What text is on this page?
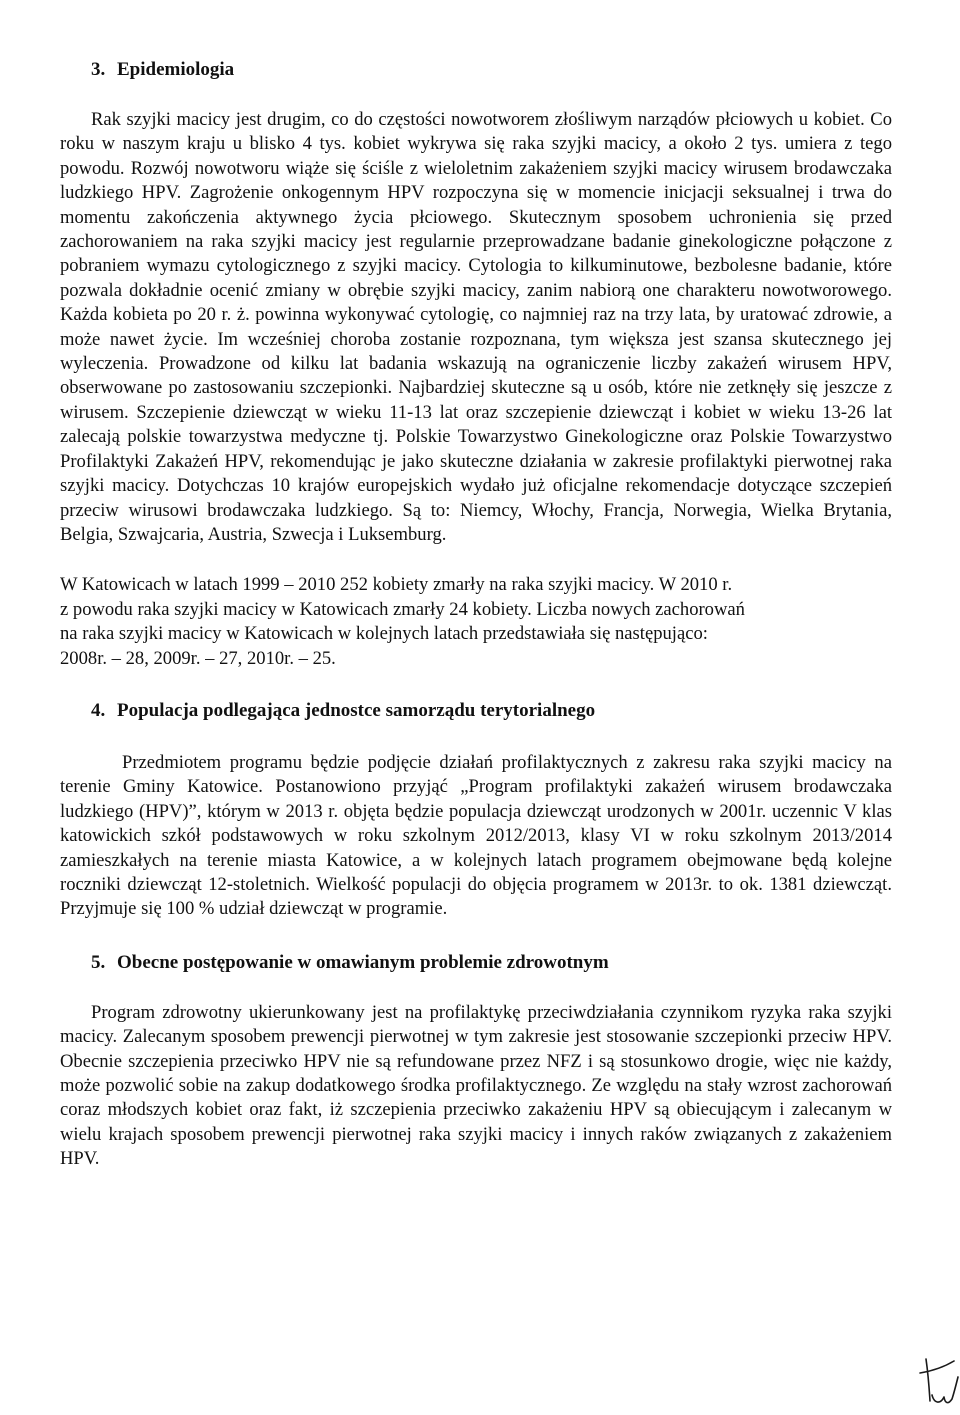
3. Epidemiologia

Rak szyjki macicy jest drugim, co do częstości nowotworem złośliwym narządów płciowych u kobiet. Co roku w naszym kraju u blisko 4 tys. kobiet wykrywa się raka szyjki macicy, a około 2 tys. umiera z tego powodu. Rozwój nowotworu wiąże się ściśle z wieloletnim zakażeniem szyjki macicy wirusem brodawczaka ludzkiego HPV. Zagrożenie onkogennym HPV rozpoczyna się w momencie inicjacji seksualnej i trwa do momentu zakończenia aktywnego życia płciowego. Skutecznym sposobem uchronienia się przed zachorowaniem na raka szyjki macicy jest regularnie przeprowadzane badanie ginekologiczne połączone z pobraniem wymazu cytologicznego z szyjki macicy. Cytologia to kilkuminutowe, bezbolesne badanie, które pozwala dokładnie ocenić zmiany w obrębie szyjki macicy, zanim nabiorą one charakteru nowotworowego. Każda kobieta po 20 r. ż. powinna wykonywać cytologię, co najmniej raz na trzy lata, by uratować zdrowie, a może nawet życie. Im wcześniej choroba zostanie rozpoznana, tym większa jest szansa skutecznego jej wyleczenia. Prowadzone od kilku lat badania wskazują na ograniczenie liczby zakażeń wirusem HPV, obserwowane po zastosowaniu szczepionki. Najbardziej skuteczne są u osób, które nie zetknęły się jeszcze z wirusem. Szczepienie dziewcząt w wieku 11-13 lat oraz szczepienie dziewcząt i kobiet w wieku 13-26 lat zalecają polskie towarzystwa medyczne tj. Polskie Towarzystwo Ginekologiczne oraz Polskie Towarzystwo Profilaktyki Zakażeń HPV, rekomendując je jako skuteczne działania w zakresie profilaktyki pierwotnej raka szyjki macicy. Dotychczas 10 krajów europejskich wydało już oficjalne rekomendacje dotyczące szczepień przeciw wirusowi brodawczaka ludzkiego. Są to: Niemcy, Włochy, Francja, Norwegia, Wielka Brytania, Belgia, Szwajcaria, Austria, Szwecja i Luksemburg.

W Katowicach w latach 1999 – 2010 252 kobiety zmarły na raka szyjki macicy. W 2010 r.
z powodu raka szyjki macicy w Katowicach zmarły 24 kobiety. Liczba nowych zachorowań
na raka szyjki macicy w Katowicach w kolejnych latach przedstawiała się następująco:
2008r. – 28, 2009r. – 27, 2010r. – 25.
4. Populacja podlegająca jednostce samorządu terytorialnego

Przedmiotem programu będzie podjęcie działań profilaktycznych z zakresu raka szyjki macicy na terenie Gminy Katowice. Postanowiono przyjąć „Program profilaktyki zakażeń wirusem brodawczaka ludzkiego (HPV)”, którym w 2013 r. objęta będzie populacja dziewcząt urodzonych w 2001r. uczennic V klas katowickich szkół podstawowych w roku szkolnym 2012/2013, klasy VI w roku szkolnym 2013/2014 zamieszkałych na terenie miasta Katowice, a w kolejnych latach programem obejmowane będą kolejne roczniki dziewcząt 12-stoletnich. Wielkość populacji do objęcia programem w 2013r. to ok. 1381 dziewcząt. Przyjmuje się 100 % udział dziewcząt w programie.

5. Obecne postępowanie w omawianym problemie zdrowotnym

Program zdrowotny ukierunkowany jest na profilaktykę przeciwdziałania czynnikom ryzyka raka szyjki macicy. Zalecanym sposobem prewencji pierwotnej w tym zakresie jest stosowanie szczepionki przeciw HPV. Obecnie szczepienia przeciwko HPV nie są refundowane przez NFZ i są stosunkowo drogie, więc nie każdy, może pozwolić sobie na zakup dodatkowego środka profilaktycznego. Ze względu na stały wzrost zachorowań coraz młodszych kobiet oraz fakt, iż szczepienia przeciwko zakażeniu HPV są obiecującym i zalecanym w wielu krajach sposobem prewencji pierwotnej raka szyjki macicy i innych raków związanych z zakażeniem HPV.
